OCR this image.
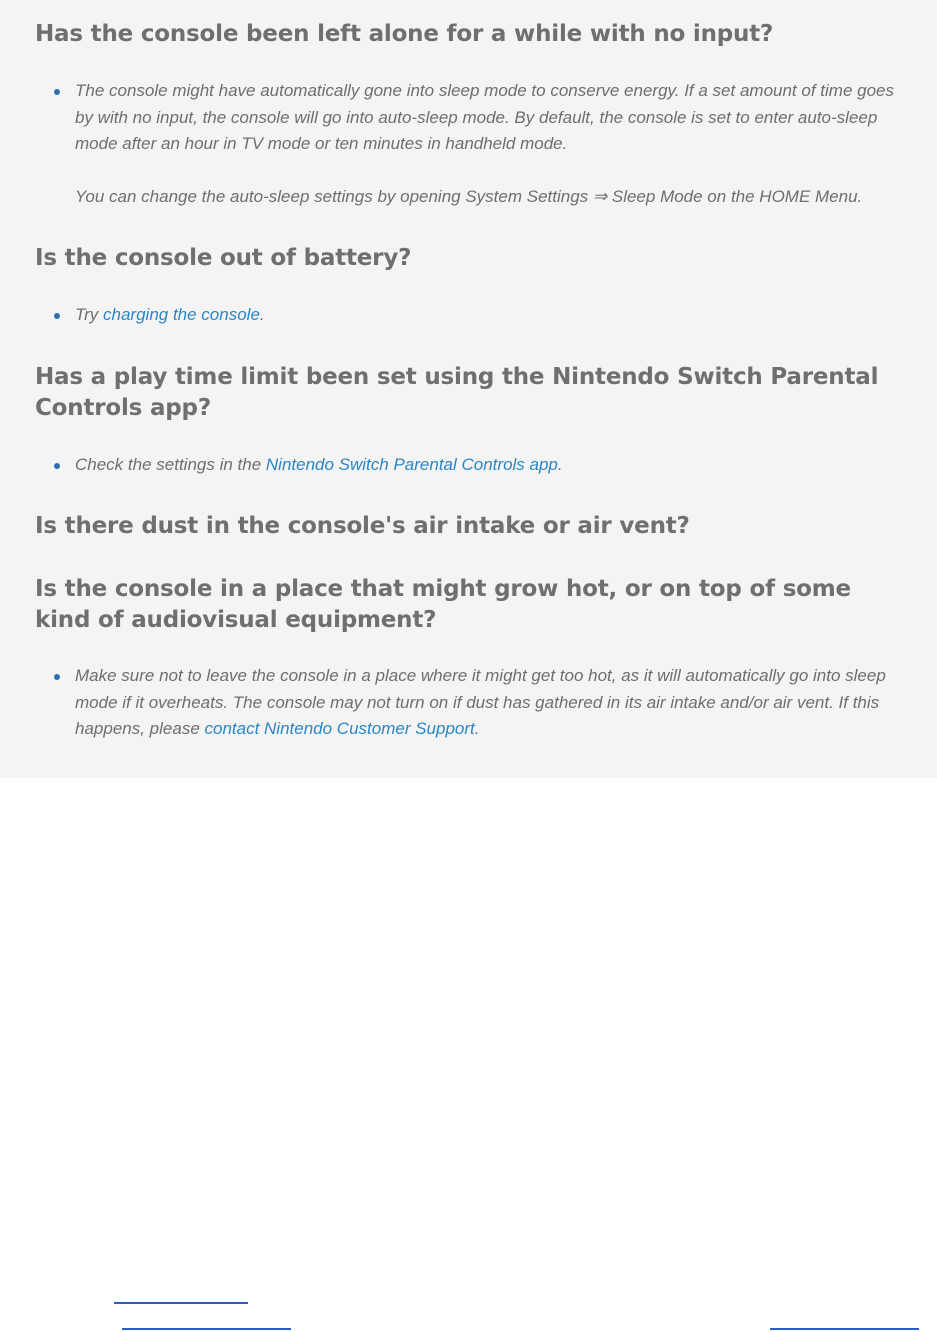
Has the console been left alone for a while with no input?

The console might have automatically gone into sleep mode to conserve energy. If a set amount of time goes by with no input, the console will go into auto-sleep mode. By default, the console is set to enter auto-sleep mode after an hour in TV mode or ten minutes in handheld mode.

You can change the auto-sleep settings by opening System Settings ⇒ Sleep Mode on the HOME Menu.

Is the console out of battery?
Try charging the console.
Has a play time limit been set using the Nintendo Switch Parental Controls app?
Check the settings in the Nintendo Switch Parental Controls app.
Is there dust in the console's air intake or air vent?
Is the console in a place that might grow hot, or on top of some kind of audiovisual equipment?
Make sure not to leave the console in a place where it might get too hot, as it will automatically go into sleep mode if it overheats. The console may not turn on if dust has gathered in its air intake and/or air vent. If this happens, please contact Nintendo Customer Support.
